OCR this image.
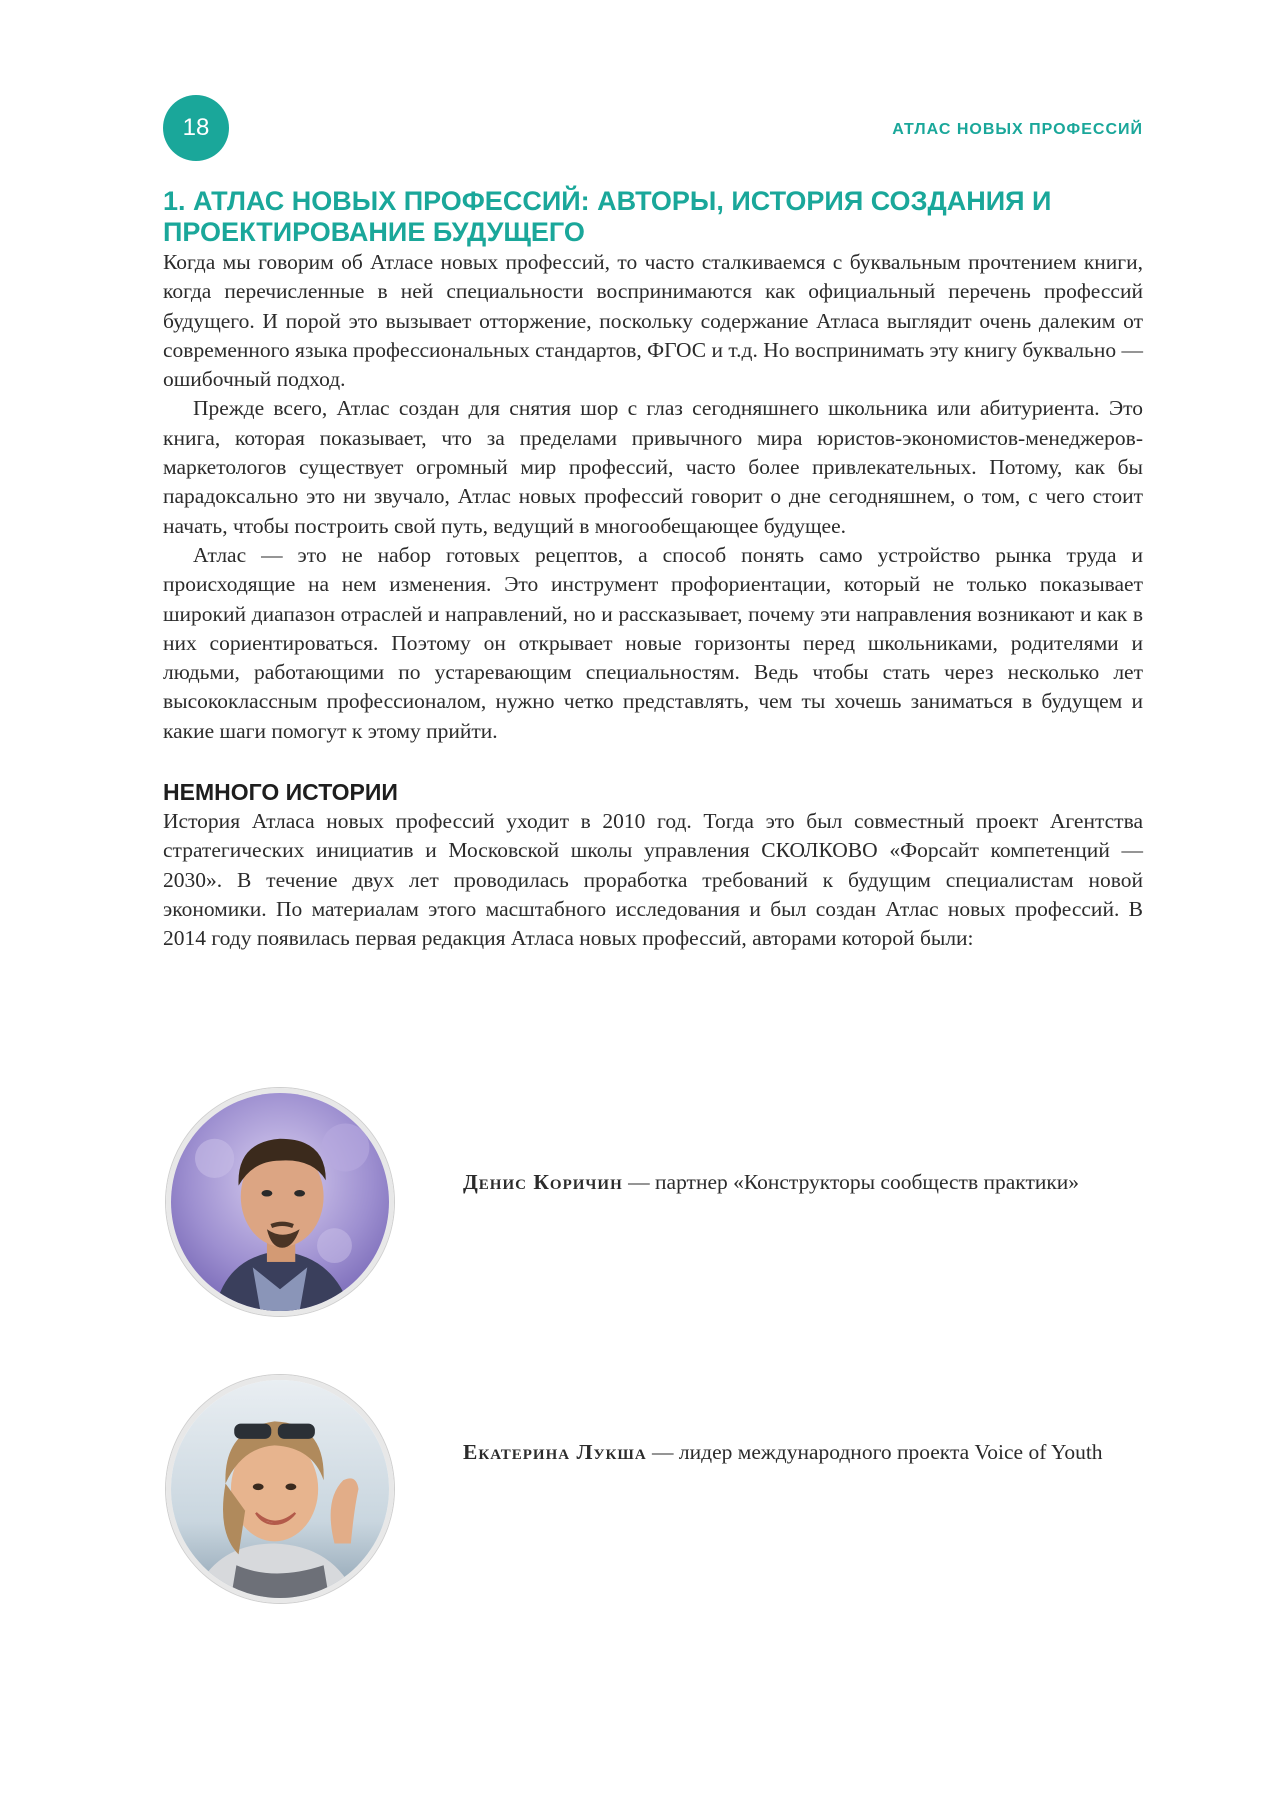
18	АТЛАС НОВЫХ ПРОФЕССИЙ
1. АТЛАС НОВЫХ ПРОФЕССИЙ: АВТОРЫ, ИСТОРИЯ СОЗДАНИЯ И ПРОЕКТИРОВАНИЕ БУДУЩЕГО

Когда мы говорим об Атласе новых профессий, то часто сталкиваемся с буквальным прочтением книги, когда перечисленные в ней специальности воспринимаются как официальный перечень профессий будущего. И порой это вызывает отторжение, поскольку содержание Атласа выглядит очень далеким от современного языка профессиональных стандартов, ФГОС и т.д. Но воспринимать эту книгу буквально — ошибочный подход.

Прежде всего, Атлас создан для снятия шор с глаз сегодняшнего школьника или абитуриента. Это книга, которая показывает, что за пределами привычного мира юристов-экономистов-менеджеров-маркетологов существует огромный мир профессий, часто более привлекательных. Потому, как бы парадоксально это ни звучало, Атлас новых профессий говорит о дне сегодняшнем, о том, с чего стоит начать, чтобы построить свой путь, ведущий в многообещающее будущее.

Атлас — это не набор готовых рецептов, а способ понять само устройство рынка труда и происходящие на нем изменения. Это инструмент профориентации, который не только показывает широкий диапазон отраслей и направлений, но и рассказывает, почему эти направления возникают и как в них сориентироваться. Поэтому он открывает новые горизонты перед школьниками, родителями и людьми, работающими по устаревающим специальностям. Ведь чтобы стать через несколько лет высококлассным профессионалом, нужно четко представлять, чем ты хочешь заниматься в будущем и какие шаги помогут к этому прийти.

НЕМНОГО ИСТОРИИ

История Атласа новых профессий уходит в 2010 год. Тогда это был совместный проект Агентства стратегических инициатив и Московской школы управления СКОЛКОВО «Форсайт компетенций — 2030». В течение двух лет проводилась проработка требований к будущим специалистам новой экономики. По материалам этого масштабного исследования и был создан Атлас новых профессий. В 2014 году появилась первая редакция Атласа новых профессий, авторами которой были:

Денис Коричин — партнер «Конструкторы сообществ практики»
Екатерина Лукша — лидер международного проекта Voice of Youth
